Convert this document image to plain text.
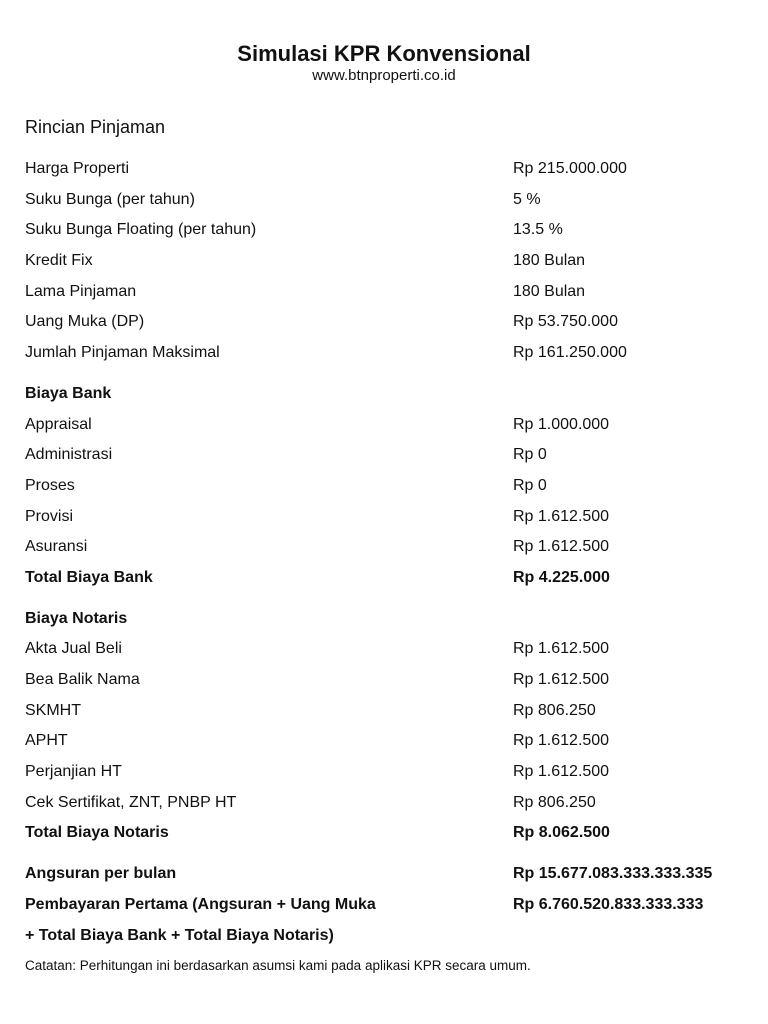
Simulasi KPR Konvensional
www.btnproperti.co.id
Rincian Pinjaman
Harga Properti	Rp 215.000.000
Suku Bunga (per tahun)	5 %
Suku Bunga Floating (per tahun)	13.5 %
Kredit Fix	180 Bulan
Lama Pinjaman	180 Bulan
Uang Muka (DP)	Rp 53.750.000
Jumlah Pinjaman Maksimal	Rp 161.250.000
Biaya Bank
Appraisal	Rp 1.000.000
Administrasi	Rp 0
Proses	Rp 0
Provisi	Rp 1.612.500
Asuransi	Rp 1.612.500
Total Biaya Bank	Rp 4.225.000
Biaya Notaris
Akta Jual Beli	Rp 1.612.500
Bea Balik Nama	Rp 1.612.500
SKMHT	Rp 806.250
APHT	Rp 1.612.500
Perjanjian HT	Rp 1.612.500
Cek Sertifikat, ZNT, PNBP HT	Rp 806.250
Total Biaya Notaris	Rp 8.062.500
Angsuran per bulan	Rp 15.677.083.333.333.335
Pembayaran Pertama (Angsuran + Uang Muka	Rp 6.760.520.833.333.333
+ Total Biaya Bank + Total Biaya Notaris)
Catatan: Perhitungan ini berdasarkan asumsi kami pada aplikasi KPR secara umum.
